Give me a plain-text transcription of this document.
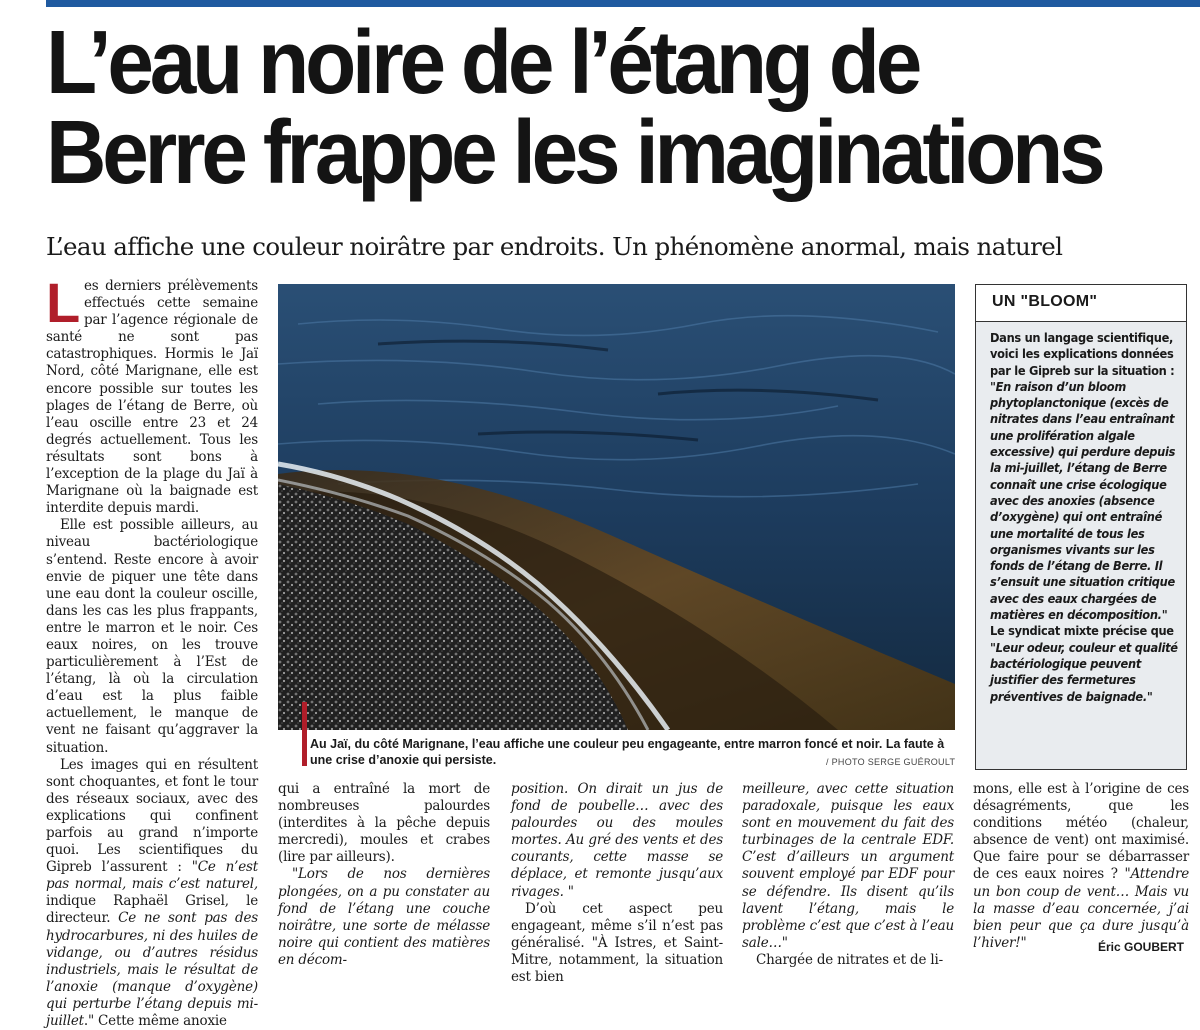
L’eau noire de l’étang de
Berre frappe les imaginations
L’eau affiche une couleur noirâtre par endroits. Un phénomène anormal, mais naturel

Les derniers prélèvements effectués cette semaine par l’agence régionale de santé ne sont pas catastrophiques. Hormis le Jaï Nord, côté Marignane, elle est encore possible sur toutes les plages de l’étang de Berre, où l’eau oscille entre 23 et 24 degrés actuellement. Tous les résultats sont bons à l’exception de la plage du Jaï à Marignane où la baignade est interdite depuis mardi.

Elle est possible ailleurs, au niveau bactériologique s’entend. Reste encore à avoir envie de piquer une tête dans une eau dont la couleur oscille, dans les cas les plus frappants, entre le marron et le noir. Ces eaux noires, on les trouve particulièrement à l’Est de l’étang, là où la circulation d’eau est la plus faible actuellement, le manque de vent ne faisant qu’aggraver la situation.

Les images qui en résultent sont choquantes, et font le tour des réseaux sociaux, avec des explications qui confinent parfois au grand n’importe quoi. Les scientifiques du Gipreb l’assurent : "Ce n’est pas normal, mais c’est naturel, indique Raphaël Grisel, le directeur. Ce ne sont pas des hydrocarbures, ni des huiles de vidange, ou d’autres résidus industriels, mais le résultat de l’anoxie (manque d’oxygène) qui perturbe l’étang depuis mi-juillet." Cette même anoxie

Au Jaï, du côté Marignane, l’eau affiche une couleur peu engageante, entre marron foncé et noir. La faute à une crise d’anoxie qui persiste.	/ PHOTO SERGE GUÉROULT
UN "BLOOM"
Dans un langage scientifique, voici les explications données par le Gipreb sur la situation : "En raison d’un bloom phytoplanctonique (excès de nitrates dans l’eau entraînant une prolifération algale excessive) qui perdure depuis la mi-juillet, l’étang de Berre connaît une crise écologique avec des anoxies (absence d’oxygène) qui ont entraîné une mortalité de tous les organismes vivants sur les fonds de l’étang de Berre. Il s’ensuit une situation critique avec des eaux chargées de matières en décomposition." Le syndicat mixte précise que "Leur odeur, couleur et qualité bactériologique peuvent justifier des fermetures préventives de baignade."

qui a entraîné la mort de nombreuses palourdes (interdites à la pêche depuis mercredi), moules et crabes (lire par ailleurs).

"Lors de nos dernières plongées, on a pu constater au fond de l’étang une couche noirâtre, une sorte de mélasse noire qui contient des matières en décom-

position. On dirait un jus de fond de poubelle… avec des palourdes ou des moules mortes. Au gré des vents et des courants, cette masse se déplace, et remonte jusqu’aux rivages. "

D’où cet aspect peu engageant, même s’il n’est pas généralisé. "À Istres, et Saint-Mitre, notamment, la situation est bien

meilleure, avec cette situation paradoxale, puisque les eaux sont en mouvement du fait des turbinages de la centrale EDF. C’est d’ailleurs un argument souvent employé par EDF pour se défendre. Ils disent qu’ils lavent l’étang, mais le problème c’est que c’est à l’eau sale…"

Chargée de nitrates et de li-

mons, elle est à l’origine de ces désagréments, que les conditions météo (chaleur, absence de vent) ont maximisé. Que faire pour se débarrasser de ces eaux noires ? "Attendre un bon coup de vent… Mais vu la masse d’eau concernée, j’ai bien peur que ça dure jusqu’à l’hiver!"	Éric GOUBERT
